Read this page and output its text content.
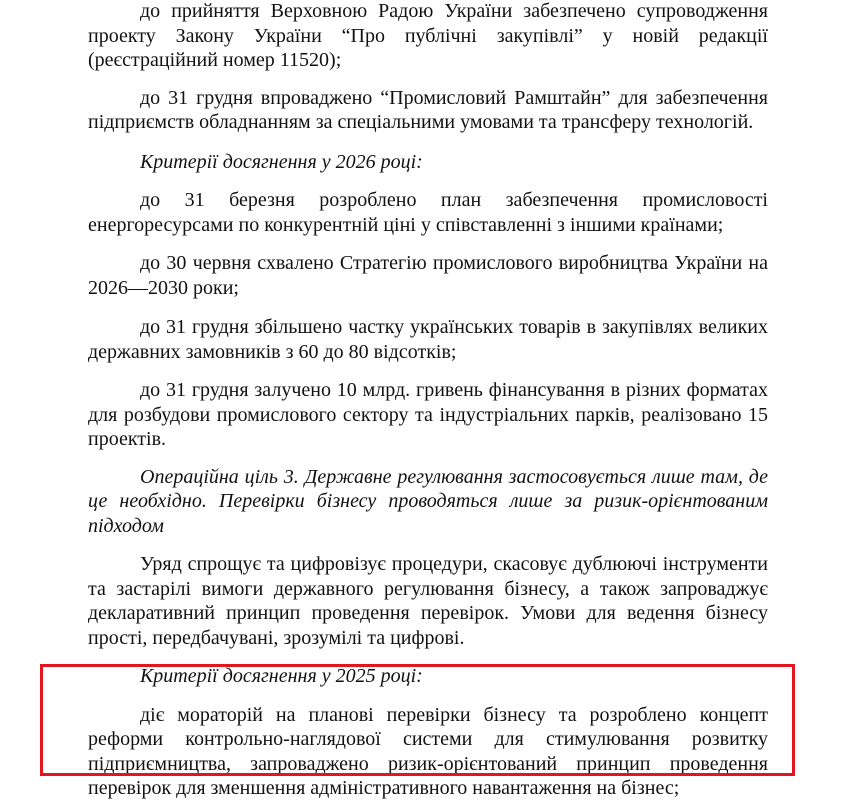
до прийняття Верховною Радою України забезпечено супроводження проекту Закону України “Про публічні закупівлі” у новій редакції (реєстраційний номер 11520);

до 31 грудня впроваджено “Промисловий Рамштайн” для забезпечення підприємств обладнанням за спеціальними умовами та трансферу технологій.

Критерії досягнення у 2026 році:

до 31 березня розроблено план забезпечення промисловості енергоресурсами по конкурентній ціні у співставленні з іншими країнами;

до 30 червня схвалено Стратегію промислового виробництва України на 2026—2030 роки;

до 31 грудня збільшено частку українських товарів в закупівлях великих державних замовників з 60 до 80 відсотків;

до 31 грудня залучено 10 млрд. гривень фінансування в різних форматах для розбудови промислового сектору та індустріальних парків, реалізовано 15 проектів.

Операційна ціль 3. Державне регулювання застосовується лише там, де це необхідно. Перевірки бізнесу проводяться лише за ризик-орієнтованим підходом

Уряд спрощує та цифровізує процедури, скасовує дублюючі інструменти та застарілі вимоги державного регулювання бізнесу, а також запроваджує декларативний принцип проведення перевірок. Умови для ведення бізнесу прості, передбачувані, зрозумілі та цифрові.

Критерії досягнення у 2025 році:

діє мораторій на планові перевірки бізнесу та розроблено концепт реформи контрольно-наглядової системи для стимулювання розвитку підприємництва, запроваджено ризик-орієнтований принцип проведення перевірок для зменшення адміністративного навантаження на бізнес;
